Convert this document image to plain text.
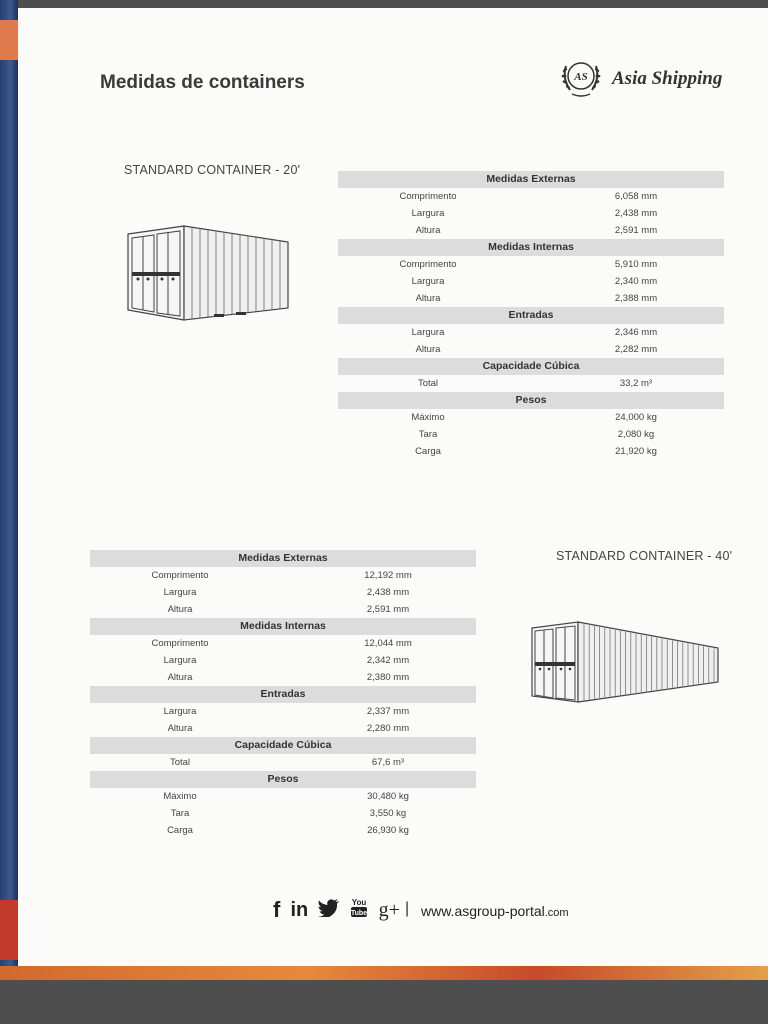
Medidas de containers	AS Asia Shipping
STANDARD CONTAINER - 20'
Medidas Externas
Comprimento	6,058 mm
Largura	2,438 mm
Altura	2,591 mm
Medidas Internas
Comprimento	5,910 mm
Largura	2,340 mm
Altura	2,388 mm
Entradas
Largura	2,346 mm
Altura	2,282 mm
Capacidade Cúbica
Total	33,2 m³
Pesos
Máximo	24,000 kg
Tara	2,080 kg
Carga	21,920 kg
STANDARD CONTAINER - 40'
Medidas Externas
Comprimento	12,192 mm
Largura	2,438 mm
Altura	2,591 mm
Medidas Internas
Comprimento	12,044 mm
Largura	2,342 mm
Altura	2,380 mm
Entradas
Largura	2,337 mm
Altura	2,280 mm
Capacidade Cúbica
Total	67,6 m³
Pesos
Máximo	30,480 kg
Tara	3,550 kg
Carga	26,930 kg
f in	You
Tube g+ | www.asgroup-portal.com
